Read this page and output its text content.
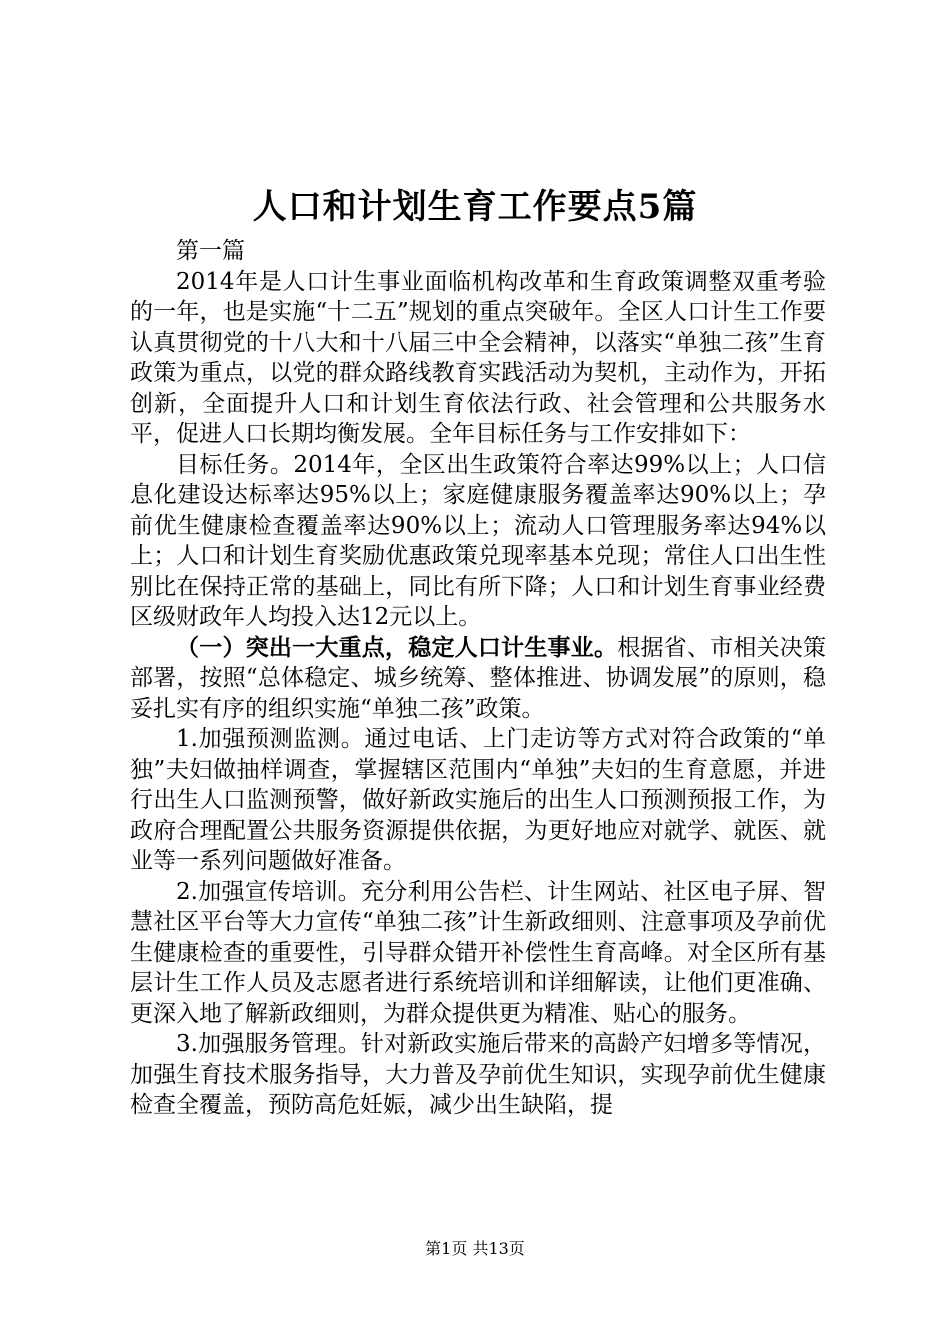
人口和计划生育工作要点5篇

第一篇

2014年是人口计生事业面临机构改革和生育政策调整双重考验的一年，也是实施“十二五”规划的重点突破年。全区人口计生工作要认真贯彻党的十八大和十八届三中全会精神，以落实“单独二孩”生育政策为重点，以党的群众路线教育实践活动为契机，主动作为，开拓创新，全面提升人口和计划生育依法行政、社会管理和公共服务水平，促进人口长期均衡发展。全年目标任务与工作安排如下：

目标任务。2014年，全区出生政策符合率达99%以上；人口信息化建设达标率达95%以上；家庭健康服务覆盖率达90%以上；孕前优生健康检查覆盖率达90%以上；流动人口管理服务率达94%以上；人口和计划生育奖励优惠政策兑现率基本兑现；常住人口出生性别比在保持正常的基础上，同比有所下降；人口和计划生育事业经费区级财政年人均投入达12元以上。

（一）突出一大重点，稳定人口计生事业。根据省、市相关决策部署，按照“总体稳定、城乡统筹、整体推进、协调发展”的原则，稳妥扎实有序的组织实施“单独二孩”政策。

1.加强预测监测。通过电话、上门走访等方式对符合政策的“单独”夫妇做抽样调查，掌握辖区范围内“单独”夫妇的生育意愿，并进行出生人口监测预警，做好新政实施后的出生人口预测预报工作，为政府合理配置公共服务资源提供依据，为更好地应对就学、就医、就业等一系列问题做好准备。

2.加强宣传培训。充分利用公告栏、计生网站、社区电子屏、智慧社区平台等大力宣传“单独二孩”计生新政细则、注意事项及孕前优生健康检查的重要性，引导群众错开补偿性生育高峰。对全区所有基层计生工作人员及志愿者进行系统培训和详细解读，让他们更准确、更深入地了解新政细则，为群众提供更为精准、贴心的服务。

3.加强服务管理。针对新政实施后带来的高龄产妇增多等情况，加强生育技术服务指导，大力普及孕前优生知识，实现孕前优生健康检查全覆盖，预防高危妊娠，减少出生缺陷，提

第1页 共13页
